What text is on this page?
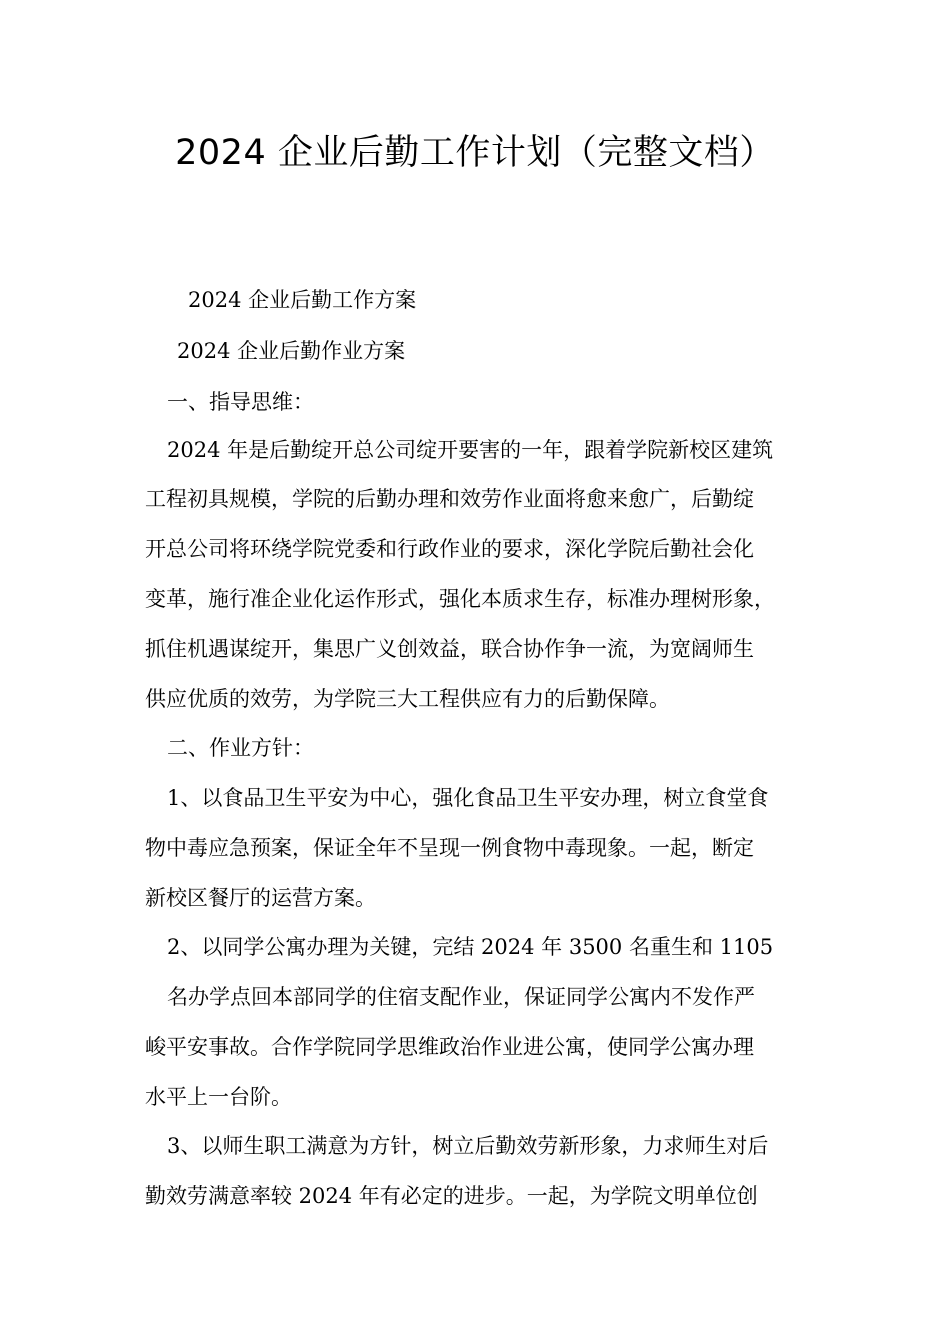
2024 企业后勤工作计划（完整文档）
2024 企业后勤工作方案
2024 企业后勤作业方案
一、指导思维：
2024 年是后勤绽开总公司绽开要害的一年，跟着学院新校区建筑
工程初具规模，学院的后勤办理和效劳作业面将愈来愈广，后勤绽
开总公司将环绕学院党委和行政作业的要求，深化学院后勤社会化
变革，施行准企业化运作形式，强化本质求生存，标准办理树形象，
抓住机遇谋绽开，集思广义创效益，联合协作争一流，为宽阔师生
供应优质的效劳，为学院三大工程供应有力的后勤保障。
二、作业方针：
1、以食品卫生平安为中心，强化食品卫生平安办理，树立食堂食
物中毒应急预案，保证全年不呈现一例食物中毒现象。一起，断定
新校区餐厅的运营方案。
2、以同学公寓办理为关键，完结 2024 年 3500 名重生和 1105
名办学点回本部同学的住宿支配作业，保证同学公寓内不发作严
峻平安事故。合作学院同学思维政治作业进公寓，使同学公寓办理
水平上一台阶。
3、以师生职工满意为方针，树立后勤效劳新形象，力求师生对后
勤效劳满意率较 2024 年有必定的进步。一起，为学院文明单位创
